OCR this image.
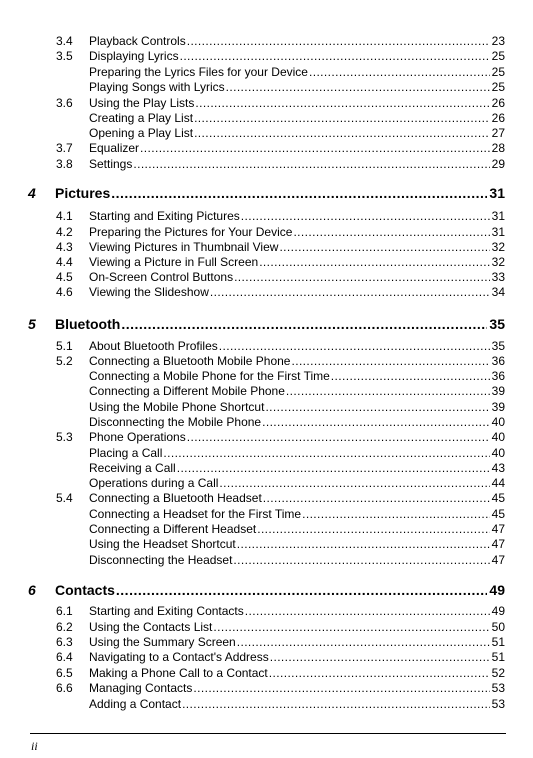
3.4	Playback Controls .....	23
3.5	Displaying Lyrics .....	25
Preparing the Lyrics Files for your Device .....	25
Playing Songs with Lyrics .....	25
3.6	Using the Play Lists .....	26
Creating a Play List .....	26
Opening a Play List .....	27
3.7	Equalizer .....	28
3.8	Settings .....	29
4	Pictures .....	31
4.1	Starting and Exiting Pictures .....	31
4.2	Preparing the Pictures for Your Device .....	31
4.3	Viewing Pictures in Thumbnail View .....	32
4.4	Viewing a Picture in Full Screen .....	32
4.5	On-Screen Control Buttons .....	33
4.6	Viewing the Slideshow .....	34
5	Bluetooth .....	35
5.1	About Bluetooth Profiles .....	35
5.2	Connecting a Bluetooth Mobile Phone .....	36
Connecting a Mobile Phone for the First Time .....	36
Connecting a Different Mobile Phone .....	39
Using the Mobile Phone Shortcut .....	39
Disconnecting the Mobile Phone .....	40
5.3	Phone Operations .....	40
Placing a Call .....	40
Receiving a Call .....	43
Operations during a Call .....	44
5.4	Connecting a Bluetooth Headset .....	45
Connecting a Headset for the First Time .....	45
Connecting a Different Headset .....	47
Using the Headset Shortcut .....	47
Disconnecting the Headset .....	47
6	Contacts .....	49
6.1	Starting and Exiting Contacts .....	49
6.2	Using the Contacts List .....	50
6.3	Using the Summary Screen .....	51
6.4	Navigating to a Contact's Address .....	51
6.5	Making a Phone Call to a Contact .....	52
6.6	Managing Contacts .....	53
Adding a Contact .....	53
ii
